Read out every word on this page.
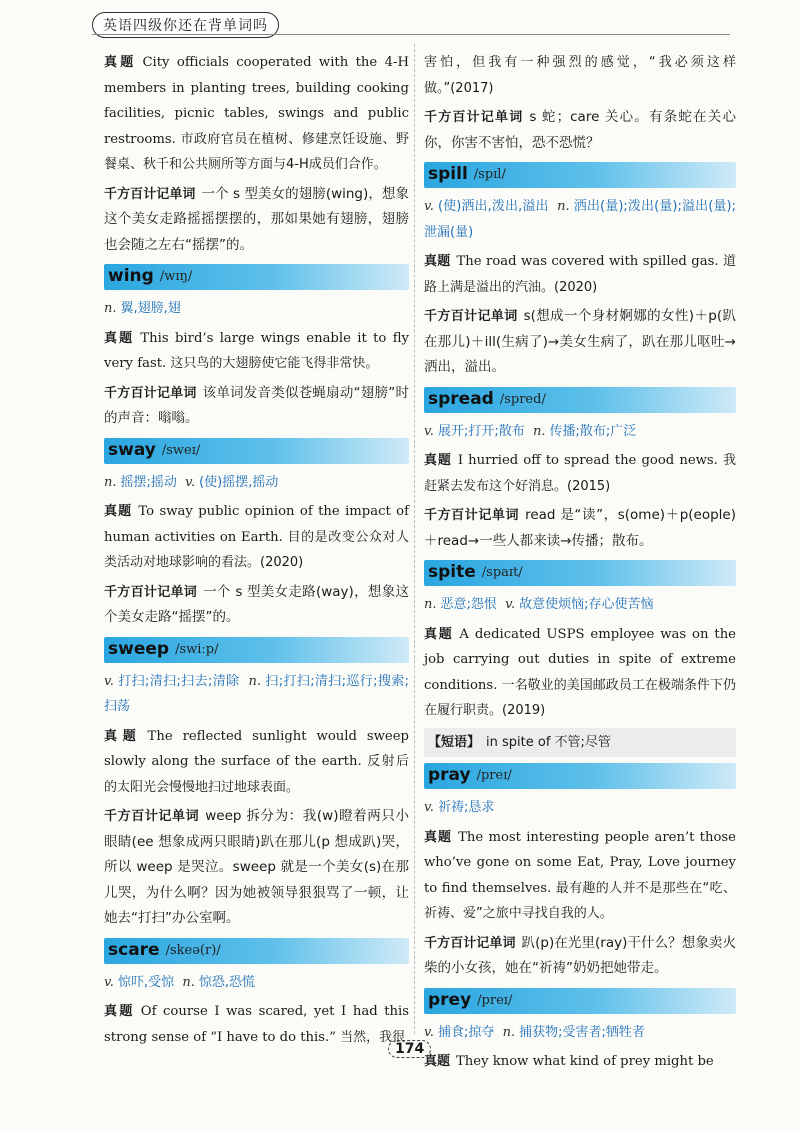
英语四级你还在背单词吗

真题 City officials cooperated with the 4-H members in planting trees, building cooking facilities, picnic tables, swings and public restrooms. 市政府官员在植树、修建烹饪设施、野餐桌、秋千和公共厕所等方面与4-H成员们合作。

千方百计记单词 一个 s 型美女的翅膀(wing)，想象这个美女走路摇摇摆摆的，那如果她有翅膀，翅膀也会随之左右“摇摆”的。

wing /wɪŋ/

n. 翼,翅膀,翅

真题 This bird’s large wings enable it to fly very fast. 这只鸟的大翅膀使它能飞得非常快。

千方百计记单词 该单词发音类似苍蝇扇动“翅膀”时的声音：嗡嗡。

sway /sweɪ/

n. 摇摆;摇动 v. (使)摇摆,摇动

真题 To sway public opinion of the impact of human activities on Earth. 目的是改变公众对人类活动对地球影响的看法。(2020)

千方百计记单词 一个 s 型美女走路(way)，想象这个美女走路“摇摆”的。

sweep /swiːp/

v. 打扫;清扫;扫去;清除 n. 扫;打扫;清扫;巡行;搜索;扫荡

真题 The reflected sunlight would sweep slowly along the surface of the earth. 反射后的太阳光会慢慢地扫过地球表面。

千方百计记单词 weep 拆分为：我(w)瞪着两只小眼睛(ee 想象成两只眼睛)趴在那儿(p 想成趴)哭，所以 weep 是哭泣。sweep 就是一个美女(s)在那儿哭，为什么啊？因为她被领导狠狠骂了一顿，让她去“打扫”办公室啊。

scare /skeə(r)/

v. 惊吓,受惊 n. 惊恐,恐慌

真题 Of course I was scared, yet I had this strong sense of “I have to do this.” 当然，我很

害怕，但我有一种强烈的感觉，“我必须这样做。”(2017)

千方百计记单词 s 蛇；care 关心。有条蛇在关心你，你害不害怕，恐不恐慌？

spill /spɪl/

v. (使)洒出,泼出,溢出 n. 洒出(量);泼出(量);溢出(量);泄漏(量)

真题 The road was covered with spilled gas. 道路上满是溢出的汽油。(2020)

千方百计记单词 s(想成一个身材婀娜的女性)＋p(趴在那儿)＋ill(生病了)→美女生病了，趴在那儿呕吐→洒出，溢出。

spread /spred/

v. 展开;打开;散布 n. 传播;散布;广泛

真题 I hurried off to spread the good news. 我赶紧去发布这个好消息。(2015)

千方百计记单词 read 是“读”，s(ome)＋p(eople)＋read→一些人都来读→传播；散布。

spite /spaɪt/

n. 恶意;怨恨 v. 故意使烦恼;存心使苦恼

真题 A dedicated USPS employee was on the job carrying out duties in spite of extreme conditions. 一名敬业的美国邮政员工在极端条件下仍在履行职责。(2019)

【短语】 in spite of 不管;尽管
pray /preɪ/

v. 祈祷;恳求

真题 The most interesting people aren’t those who’ve gone on some Eat, Pray, Love journey to find themselves. 最有趣的人并不是那些在“吃、祈祷、爱”之旅中寻找自我的人。

千方百计记单词 趴(p)在光里(ray)干什么？想象卖火柴的小女孩，她在“祈祷”奶奶把她带走。

prey /preɪ/

v. 捕食;掠夺 n. 捕获物;受害者;牺牲者

真题 They know what kind of prey might be

174
